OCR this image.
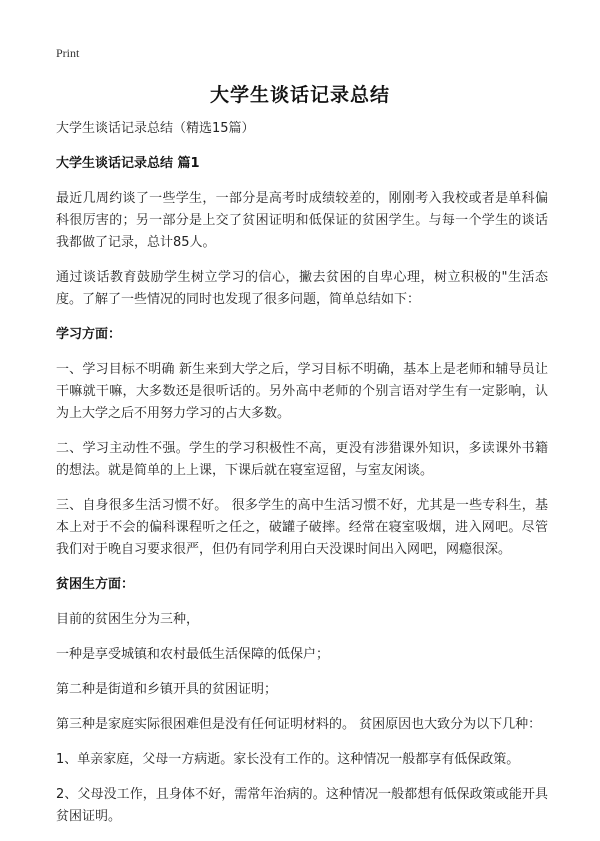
Print
大学生谈话记录总结

大学生谈话记录总结（精选15篇）

大学生谈话记录总结 篇1

最近几周约谈了一些学生，一部分是高考时成绩较差的，刚刚考入我校或者是单科偏科很厉害的；另一部分是上交了贫困证明和低保证的贫困学生。与每一个学生的谈话我都做了记录，总计85人。

通过谈话教育鼓励学生树立学习的信心，撇去贫困的自卑心理，树立积极的"生活态度。了解了一些情况的同时也发现了很多问题，简单总结如下：

学习方面：

一、学习目标不明确 新生来到大学之后，学习目标不明确，基本上是老师和辅导员让干嘛就干嘛，大多数还是很听话的。另外高中老师的个别言语对学生有一定影响，认为上大学之后不用努力学习的占大多数。

二、学习主动性不强。学生的学习积极性不高，更没有涉猎课外知识，多读课外书籍的想法。就是简单的上上课，下课后就在寝室逗留，与室友闲谈。

三、自身很多生活习惯不好。 很多学生的高中生活习惯不好，尤其是一些专科生，基本上对于不会的偏科课程听之任之，破罐子破摔。经常在寝室吸烟，进入网吧。尽管我们对于晚自习要求很严，但仍有同学利用白天没课时间出入网吧，网瘾很深。

贫困生方面：

目前的贫困生分为三种，

一种是享受城镇和农村最低生活保障的低保户；

第二种是街道和乡镇开具的贫困证明；

第三种是家庭实际很困难但是没有任何证明材料的。 贫困原因也大致分为以下几种：

1、单亲家庭，父母一方病逝。家长没有工作的。这种情况一般都享有低保政策。

2、父母没工作，且身体不好，需常年治病的。这种情况一般都想有低保政策或能开具贫困证明。
